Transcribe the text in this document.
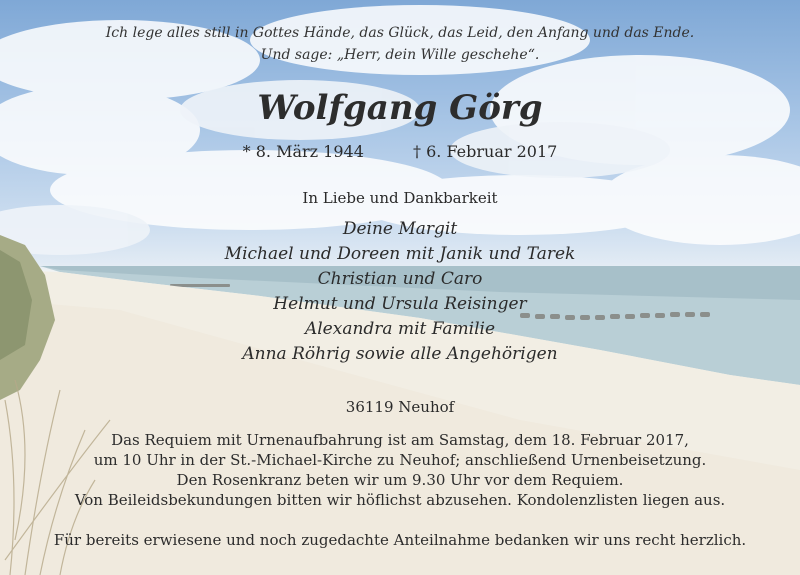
Ich lege alles still in Gottes Hände, das Glück, das Leid, den Anfang und das Ende.
Und sage: „Herr, dein Wille geschehe“.
Wolfgang Görg
* 8. März 1944	† 6. Februar 2017
In Liebe und Dankbarkeit
Deine Margit
Michael und Doreen mit Janik und Tarek
Christian und Caro
Helmut und Ursula Reisinger
Alexandra mit Familie
Anna Röhrig sowie alle Angehörigen
36119 Neuhof
Das Requiem mit Urnenaufbahrung ist am Samstag, dem 18. Februar 2017,
um 10 Uhr in der St.-Michael-Kirche zu Neuhof; anschließend Urnenbeisetzung.
Den Rosenkranz beten wir um 9.30 Uhr vor dem Requiem.
Von Beileidsbekundungen bitten wir höflichst abzusehen. Kondolenzlisten liegen aus.
Für bereits erwiesene und noch zugedachte Anteilnahme bedanken wir uns recht herzlich.
